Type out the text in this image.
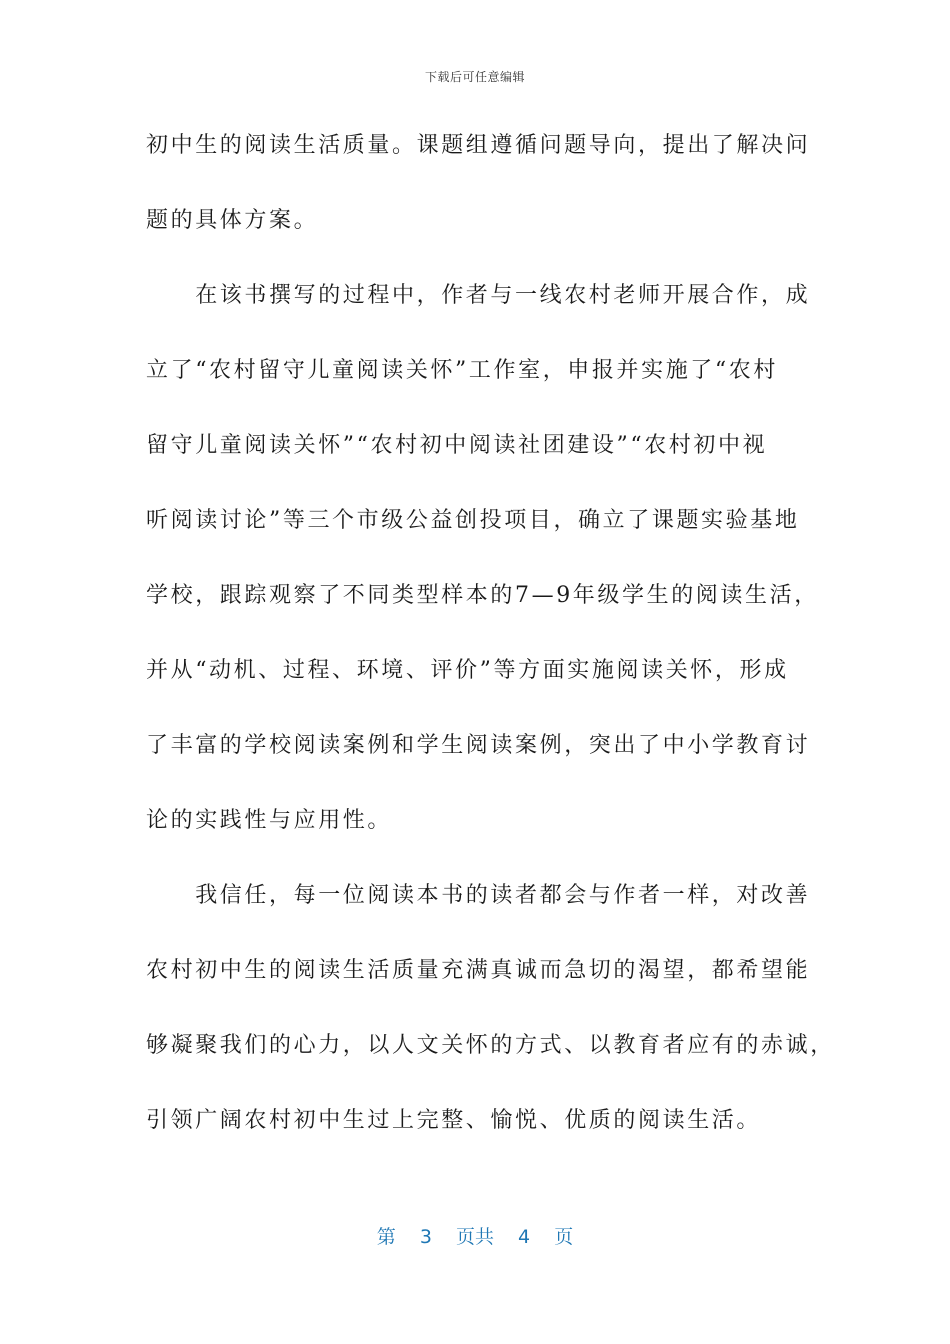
下载后可任意编辑
初中生的阅读生活质量。课题组遵循问题导向，提出了解决问
题的具体方案。
　　在该书撰写的过程中，作者与一线农村老师开展合作，成
立了“农村留守儿童阅读关怀”工作室，申报并实施了“农村
留守儿童阅读关怀”“农村初中阅读社团建设”“农村初中视
听阅读讨论”等三个市级公益创投项目，确立了课题实验基地
学校，跟踪观察了不同类型样本的7—9年级学生的阅读生活，
并从“动机、过程、环境、评价”等方面实施阅读关怀，形成
了丰富的学校阅读案例和学生阅读案例，突出了中小学教育讨
论的实践性与应用性。
　　我信任，每一位阅读本书的读者都会与作者一样，对改善
农村初中生的阅读生活质量充满真诚而急切的渴望，都希望能
够凝聚我们的心力，以人文关怀的方式、以教育者应有的赤诚，
引领广阔农村初中生过上完整、愉悦、优质的阅读生活。
第 3 页共 4 页
